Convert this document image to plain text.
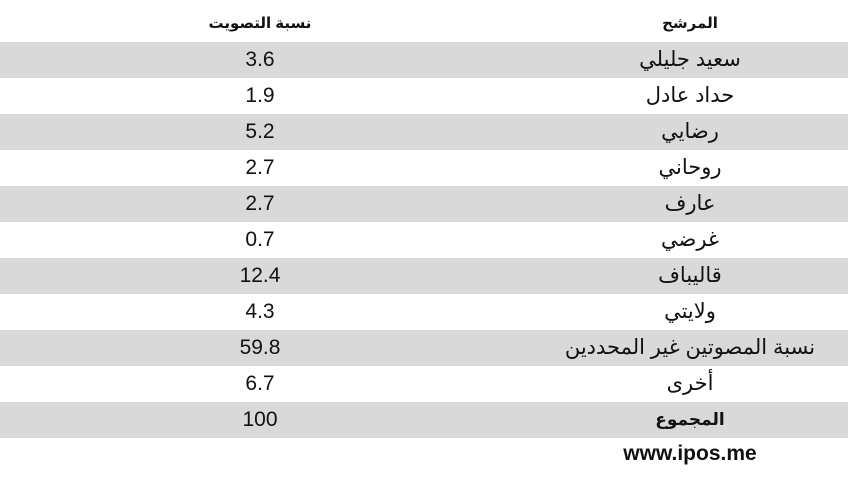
نسبة التصويت	المرشح
3.6	سعيد جليلي
1.9	حداد عادل
5.2	رضايي
2.7	روحاني
2.7	عارف
0.7	غرضي
12.4	قاليباف
4.3	ولايتي
59.8	نسبة المصوتين غير المحددين
6.7	أخرى
100	المجموع
www.ipos.me
